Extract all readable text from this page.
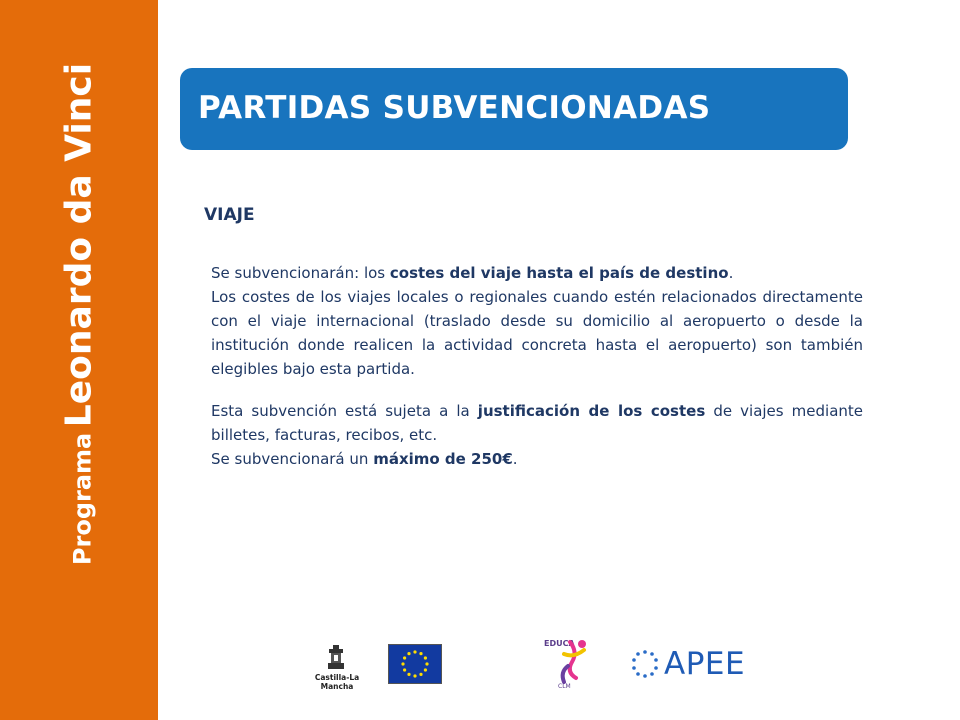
Programa Leonardo da Vinci	PARTIDAS SUBVENCIONADAS
VIAJE

Se subvencionarán: los costes del viaje hasta el país de destino.

Los costes de los viajes locales o regionales cuando estén relacionados directamente con el viaje internacional (traslado desde su domicilio al aeropuerto o desde la institución donde realicen la actividad concreta hasta el aeropuerto) son también elegibles bajo esta partida.

Esta subvención está sujeta a la justificación de los costes de viajes mediante billetes, facturas, recibos, etc.

Se subvencionará un máximo de 250€.

Castilla-La Mancha
EDUCA
CLM
APEE
